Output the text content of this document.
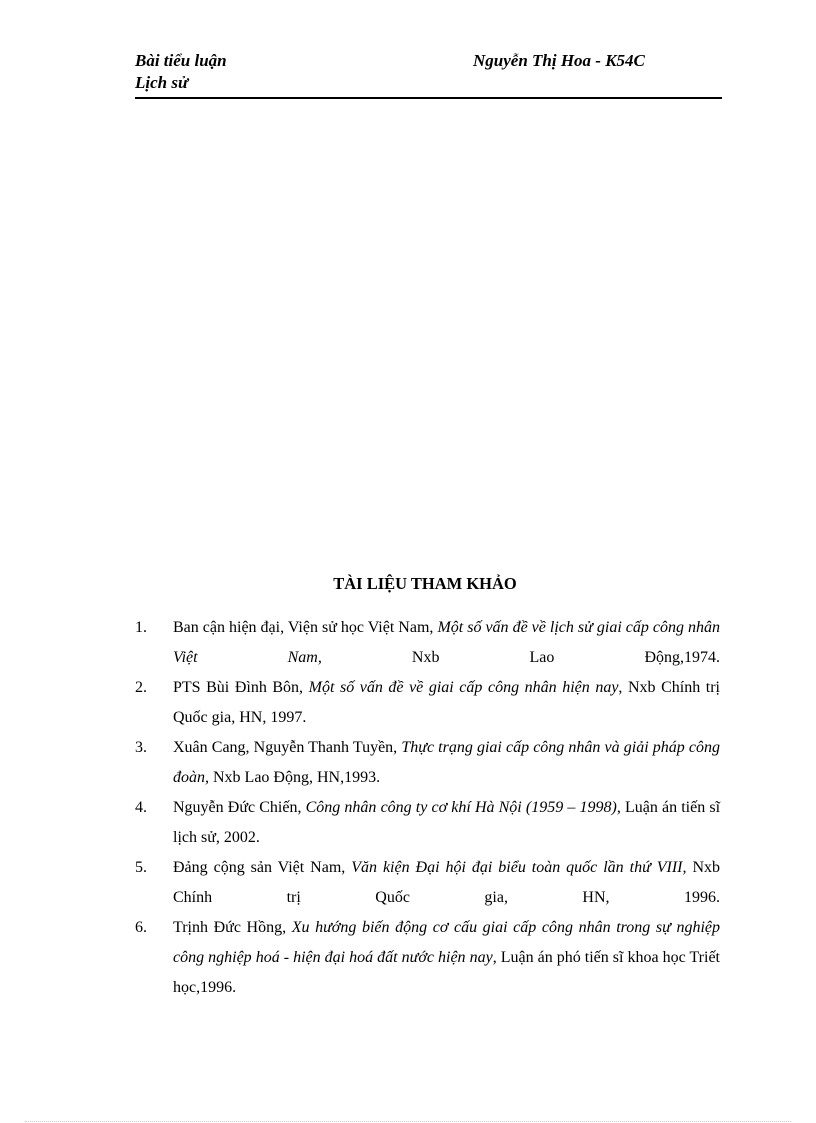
Bài tiểu luận
Lịch sử
Nguyễn Thị Hoa - K54C
TÀI LIỆU THAM KHẢO
1. Ban cận hiện đại, Viện sử học Việt Nam, Một số vấn đề về lịch sử giai cấp công nhân Việt Nam, Nxb Lao Động,1974.
2. PTS Bùi Đình Bôn, Một số vấn đề về giai cấp công nhân hiện nay, Nxb Chính trị Quốc gia, HN, 1997.
3. Xuân Cang, Nguyễn Thanh Tuyền, Thực trạng giai cấp công nhân và giải pháp công đoàn, Nxb Lao Động, HN,1993.
4. Nguyễn Đức Chiến, Công nhân công ty cơ khí Hà Nội (1959 – 1998), Luận án tiến sĩ lịch sử, 2002.
5. Đảng cộng sản Việt Nam, Văn kiện Đại hội đại biểu toàn quốc lần thứ VIII, Nxb Chính trị Quốc gia, HN, 1996.
6. Trịnh Đức Hồng, Xu hướng biến động cơ cấu giai cấp công nhân trong sự nghiệp công nghiệp hoá - hiện đại hoá đất nước hiện nay, Luận án phó tiến sĩ khoa học Triết học,1996.
